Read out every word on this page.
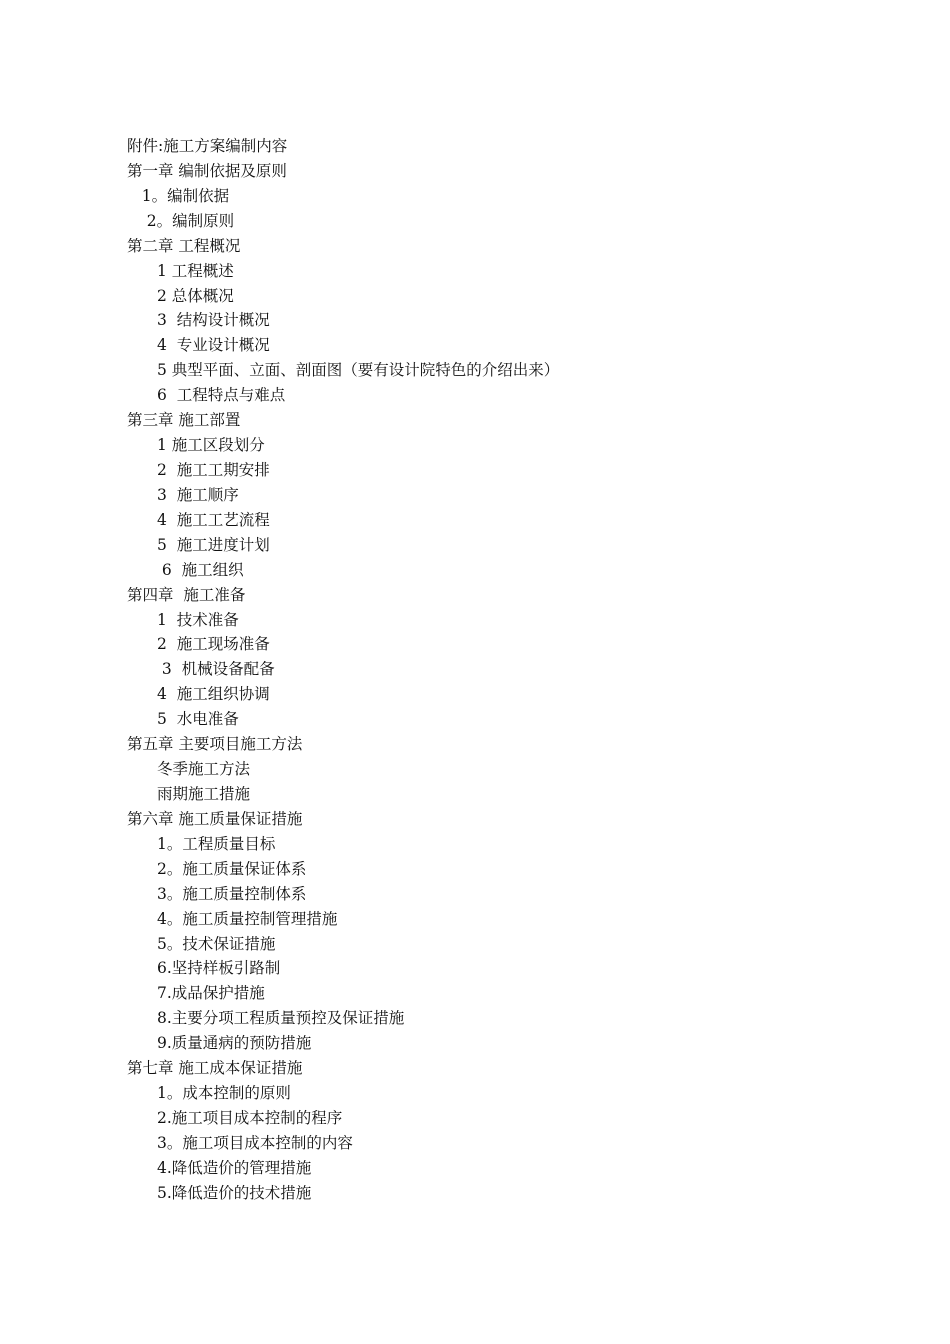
附件:施工方案编制内容
第一章 编制依据及原则
1。编制依据
2。编制原则
第二章 工程概况
1 工程概述
2 总体概况
3  结构设计概况
4  专业设计概况
5 典型平面、立面、剖面图（要有设计院特色的介绍出来）
6  工程特点与难点
第三章 施工部置
1 施工区段划分
2  施工工期安排
3  施工顺序
4  施工工艺流程
5  施工进度计划
6  施工组织
第四章  施工准备
1  技术准备
2  施工现场准备
3  机械设备配备
4  施工组织协调
5  水电准备
第五章 主要项目施工方法
冬季施工方法
雨期施工措施
第六章 施工质量保证措施
1。工程质量目标
2。施工质量保证体系
3。施工质量控制体系
4。施工质量控制管理措施
5。技术保证措施
6.坚持样板引路制
7.成品保护措施
8.主要分项工程质量预控及保证措施
9.质量通病的预防措施
第七章 施工成本保证措施
1。成本控制的原则
2.施工项目成本控制的程序
3。施工项目成本控制的内容
4.降低造价的管理措施
5.降低造价的技术措施
